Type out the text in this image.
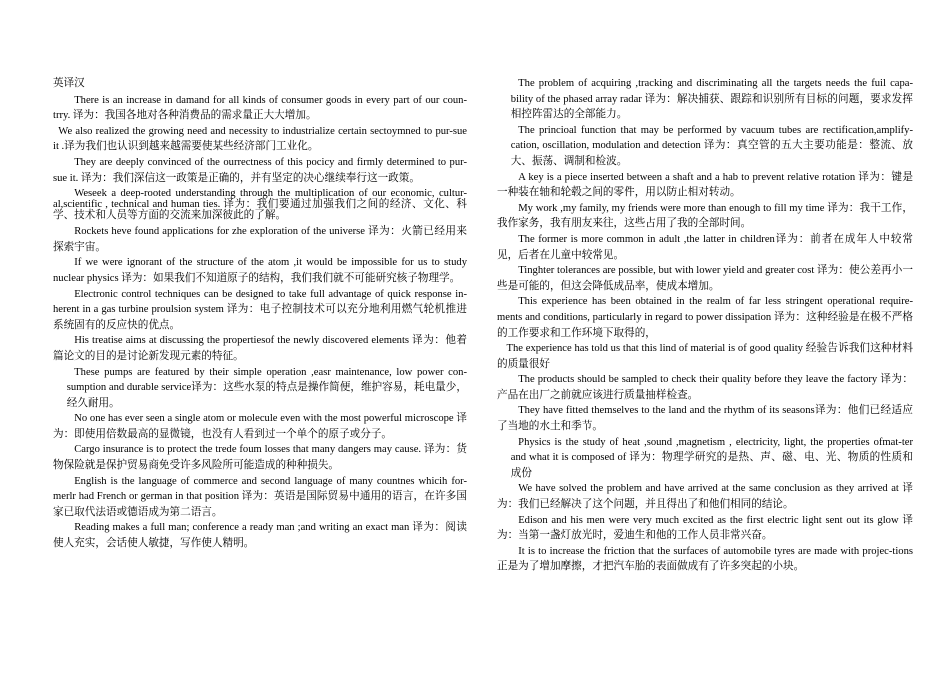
英译汉

There is an increase in damand for all kinds of consumer goods in every part of our coun-trry. 译为：我国各地对各种消费品的需求量正大大增加。

We also realized the growing need and necessity to industrialize certain sectoymned to pur-sue it .译为我们也认识到越来越需要使某些经济部门工业化。

They are deeply convinced of the ourrectness of this pocicy and firmly determined to pur-sue it. 译为：我们深信这一政策是正确的，并有坚定的决心继续奉行这一政策。

Weseek a deep-rooted understanding through the multiplication of our economic, cultur-al,scientific , technical and human ties. 译为：我们要通过加强我们之间的经济、文化、科学、技术和人员等方面的交流来加深彼此的了解。

Rockets heve found applications for zhe exploration of the universe 译为：火箭已经用来探索宇宙。

If we were ignorant of the structure of the atom ,it would be impossible for us to study nuclear physics 译为：如果我们不知道原子的结构，我们我们就不可能研究核子物理学。

Electronic control techniques can be designed to take full advantage of quick response in-herent in a gas turbine proulsion system 译为：电子控制技术可以充分地利用燃气轮机推进系统固有的反应快的优点。

His treatise aims at discussing the propertiesof the newly discovered elements 译为：他着篇论文的目的是讨论新发现元素的特征。

These pumps are featured by their simple operation ,easr maintenance, low power con-sumption and durable service译为：这些水泵的特点是操作简便，维护容易，耗电量少，经久耐用。

No one has ever seen a single atom or molecule even with the most powerful microscope 译为：即使用倍数最高的显微镜，也没有人看到过一个单个的原子或分子。

Cargo insurance is to protect the trede foum losses that many dangers may cause. 译为：货物保险就是保护贸易商免受许多风险所可能造成的种种损失。

English is the language of commerce and second language of many countnes whicih for-merlr had French or german in that position 译为：英语是国际贸易中通用的语言，在许多国家已取代法语或德语成为第二语言。

Reading makes a full man; conference a ready man ;and writing an exact man 译为：阅读使人充实，会话使人敏捷，写作使人精明。

The problem of acquiring ,tracking and discriminating all the targets needs the fuil capa-bility of the phased array radar 译为：解决捕获、跟踪和识别所有目标的问题，要求发挥相控阵雷达的全部能力。

The princioal function that may be performed by vacuum tubes are rectification,amplify-cation, oscillation, modulation and detection 译为：真空管的五大主要功能是：整流、放大、振荡、调制和检波。

A key is a piece inserted between a shaft and a hab to prevent relative rotation 译为：键是一种装在轴和轮毂之间的零件，用以防止相对转动。

My work ,my family, my friends were more than enough to fill my time 译为：我干工作，我作家务，我有朋友来往，这些占用了我的全部时间。

The former is more common in adult ,the latter in children译为：前者在成年人中较常见，后者在儿童中较常见。

Tinghter tolerances are possible, but with lower yield and greater cost 译为：使公差再小一些是可能的，但这会降低成品率，使成本增加。

This experience has been obtained in the realm of far less stringent operational require-ments and conditions, particularly in regard to power dissipation 译为：这种经验是在极不严格的工作要求和工作环境下取得的，

The experience has told us that this lind of material is of good quality 经验告诉我们这种材料的质量很好

The products should be sampled to check their quality before they leave the factory 译为：产品在出厂之前就应该进行质量抽样检查。

They have fitted themselves to the land and the rhythm of its seasons译为：他们已经适应了当地的水土和季节。

Physics is the study of heat ,sound ,magnetism , electricity, light, the properties ofmat-ter and what it is composed of 译为：物理学研究的是热、声、磁、电、光、物质的性质和成份

We have solved the problem and have arrived at the same conclusion as they arrived at 译为：我们已经解决了这个问题，并且得出了和他们相同的结论。

Edison and his men were very much excited as the first electric light sent out its glow 译为：当第一盏灯放光时，爱迪生和他的工作人员非常兴奋。

It is to increase the friction that the surfaces of automobile tyres are made with projec-tions 正是为了增加摩擦，才把汽车胎的表面做成有了许多突起的小块。
